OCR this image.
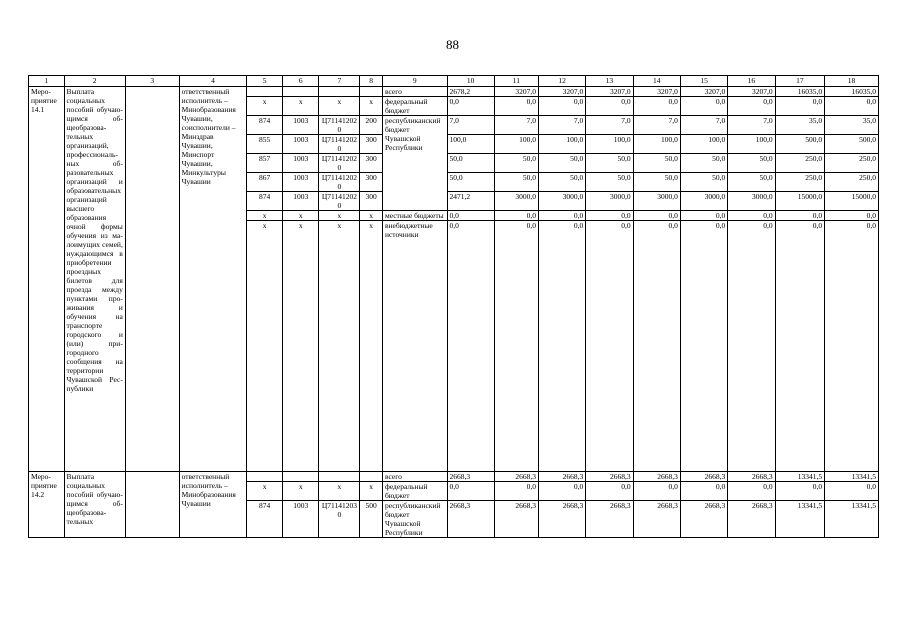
88
1	2	3	4	5	6	7	8	9	10	11	12	13	14	15	16	17	18
Мероприятие 14.1	Выплата социальных пособий обучающимся общеобразовательных организаций, профессиональных образовательных организаций и образовательных организаций высшего образования очной формы обучения из малоимущих семей, нуждающимся в приобретении проездных билетов для проезда между пунктами проживания и обучения на транспорте городского и (или) пригородного сообщения на территории Чувашской Республики		ответственный исполнитель – Минобразования Чувашии, соисполнители – Минздрав Чувашии, Минспорт Чувашии, Минкультуры Чувашии					всего	2678,2	3207,0	3207,0	3207,0	3207,0	3207,0	3207,0	16035,0	16035,0
				x	x	x	x	федеральный бюджет	0,0	0,0	0,0	0,0	0,0	0,0	0,0	0,0	0,0
				874	1003	Ц711412020	200	республиканский бюджет Чувашской Республики	7,0	7,0	7,0	7,0	7,0	7,0	7,0	35,0	35,0
				855	1003	Ц711412020	300		100,0	100,0	100,0	100,0	100,0	100,0	100,0	500,0	500,0
				857	1003	Ц711412020	300		50,0	50,0	50,0	50,0	50,0	50,0	50,0	250,0	250,0
				867	1003	Ц711412020	300		50,0	50,0	50,0	50,0	50,0	50,0	50,0	250,0	250,0
				874	1003	Ц711412020	300		2471,2	3000,0	3000,0	3000,0	3000,0	3000,0	3000,0	15000,0	15000,0
				x	x	x	x	местные бюджеты	0,0	0,0	0,0	0,0	0,0	0,0	0,0	0,0	0,0
				x	x	x	x	внебюджетные источники	0,0	0,0	0,0	0,0	0,0	0,0	0,0	0,0	0,0
Мероприятие 14.2	Выплата социальных пособий обучающимся общеобразовательных		ответственный исполнитель – Минобразования Чувашии					всего	2668,3	2668,3	2668,3	2668,3	2668,3	2668,3	2668,3	13341,5	13341,5
				x	x	x	x	федеральный бюджет	0,0	0,0	0,0	0,0	0,0	0,0	0,0	0,0	0,0
				874	1003	Ц711412030	500	республиканский бюджет Чувашской Республики	2668,3	2668,3	2668,3	2668,3	2668,3	2668,3	2668,3	13341,5	13341,5
